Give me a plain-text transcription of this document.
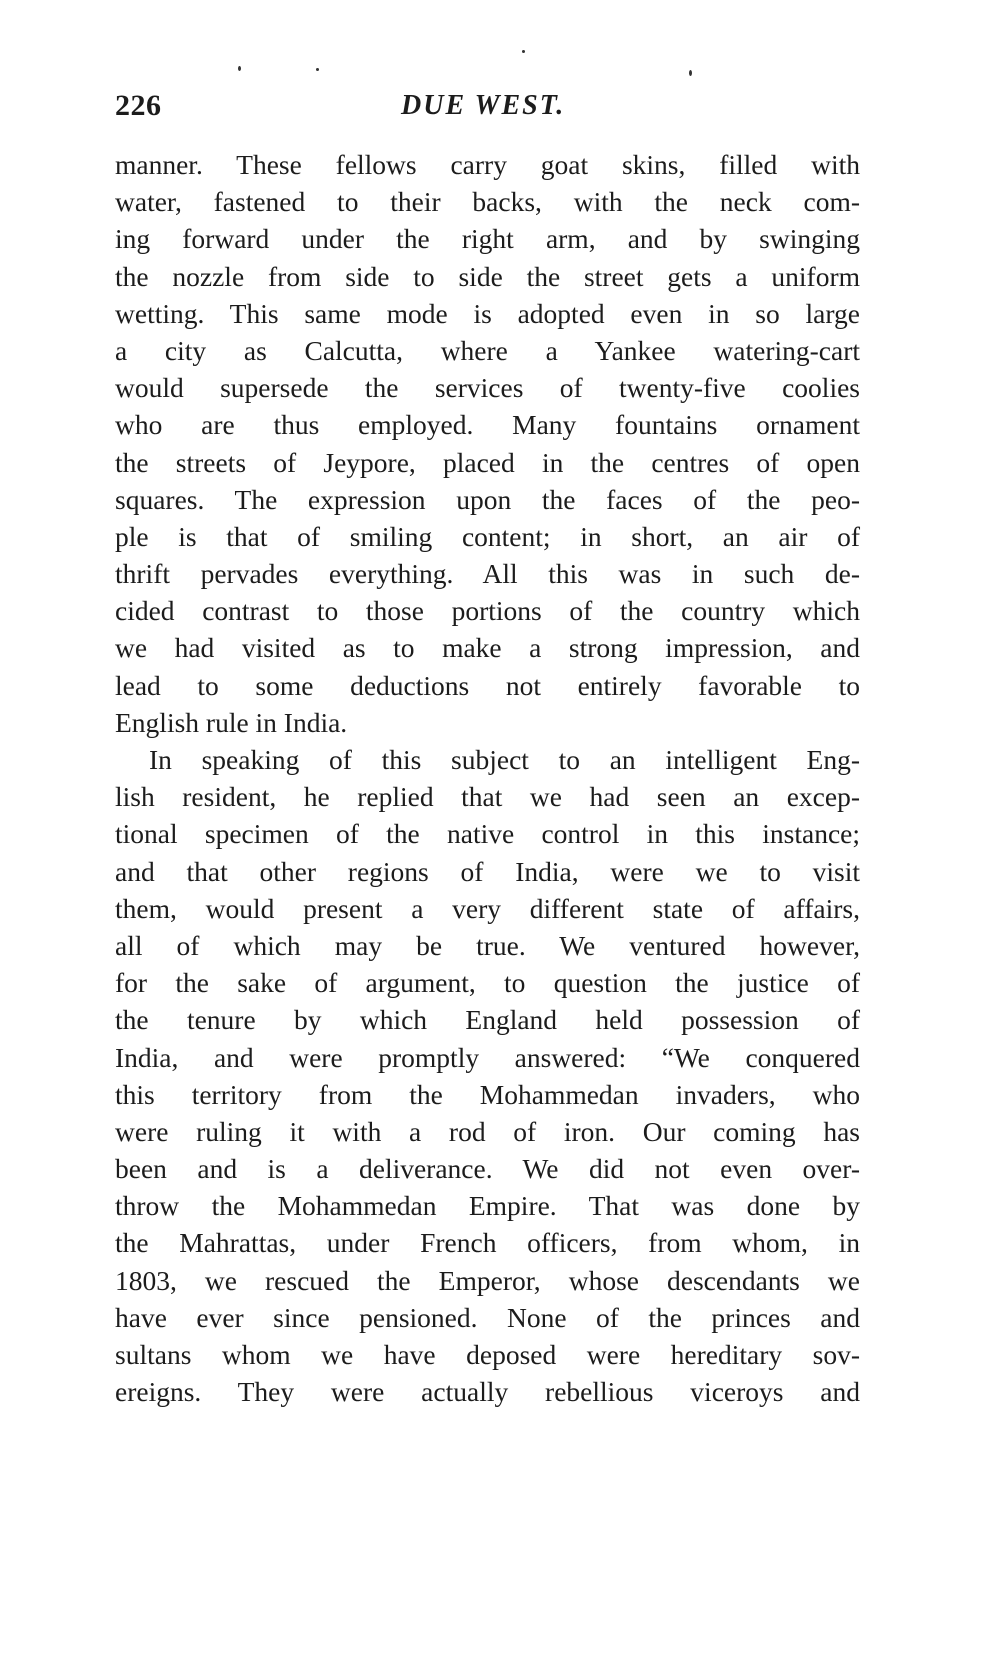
226	DUE WEST.
manner. These fellows carry goat skins, filled with
water, fastened to their backs, with the neck com-
ing forward under the right arm, and by swinging
the nozzle from side to side the street gets a uniform
wetting. This same mode is adopted even in so large
a city as Calcutta, where a Yankee watering-cart
would supersede the services of twenty-five coolies
who are thus employed. Many fountains ornament
the streets of Jeypore, placed in the centres of open
squares. The expression upon the faces of the peo-
ple is that of smiling content; in short, an air of
thrift pervades everything. All this was in such de-
cided contrast to those portions of the country which
we had visited as to make a strong impression, and
lead to some deductions not entirely favorable to
English rule in India.
In speaking of this subject to an intelligent Eng-
lish resident, he replied that we had seen an excep-
tional specimen of the native control in this instance;
and that other regions of India, were we to visit
them, would present a very different state of affairs,
all of which may be true. We ventured however,
for the sake of argument, to question the justice of
the tenure by which England held possession of
India, and were promptly answered: “We conquered
this territory from the Mohammedan invaders, who
were ruling it with a rod of iron. Our coming has
been and is a deliverance. We did not even over-
throw the Mohammedan Empire. That was done by
the Mahrattas, under French officers, from whom, in
1803, we rescued the Emperor, whose descendants we
have ever since pensioned. None of the princes and
sultans whom we have deposed were hereditary sov-
ereigns. They were actually rebellious viceroys and
